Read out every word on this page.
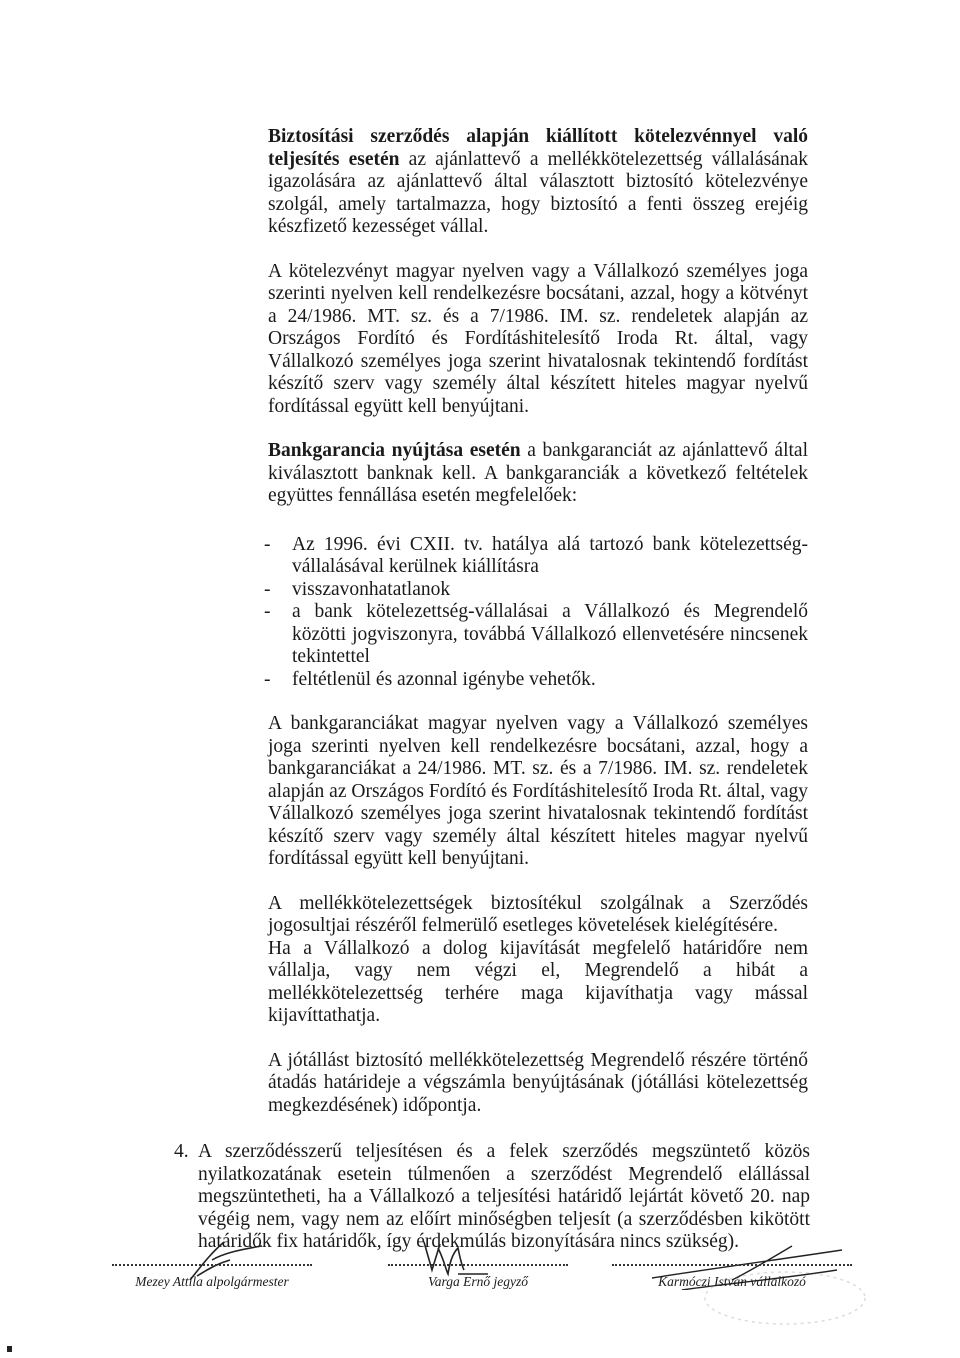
Biztosítási szerződés alapján kiállított kötelezvénnyel való teljesítés esetén az ajánlattevő a mellékkötelezettség vállalásának igazolására az ajánlattevő által választott biztosító kötelezvénye szolgál, amely tartalmazza, hogy biztosító a fenti összeg erejéig készfizető kezességet vállal.

A kötelezvényt magyar nyelven vagy a Vállalkozó személyes joga szerinti nyelven kell rendelkezésre bocsátani, azzal, hogy a kötvényt a 24/1986. MT. sz. és a 7/1986. IM. sz. rendeletek alapján az Országos Fordító és Fordításhitelesítő Iroda Rt. által, vagy Vállalkozó személyes joga szerint hivatalosnak tekintendő fordítást készítő szerv vagy személy által készített hiteles magyar nyelvű fordítással együtt kell benyújtani.

Bankgarancia nyújtása esetén a bankgaranciát az ajánlattevő által kiválasztott banknak kell. A bankgaranciák a következő feltételek együttes fennállása esetén megfelelőek:

- Az 1996. évi CXII. tv. hatálya alá tartozó bank kötelezettség-vállalásával kerülnek kiállításra
- visszavonhatatlanok
- a bank kötelezettség-vállalásai a Vállalkozó és Megrendelő közötti jogviszonyra, továbbá Vállalkozó ellenvetésére nincsenek tekintettel
- feltétlenül és azonnal igénybe vehetők.

A bankgaranciákat magyar nyelven vagy a Vállalkozó személyes joga szerinti nyelven kell rendelkezésre bocsátani, azzal, hogy a bankgaranciákat a 24/1986. MT. sz. és a 7/1986. IM. sz. rendeletek alapján az Országos Fordító és Fordításhitelesítő Iroda Rt. által, vagy Vállalkozó személyes joga szerint hivatalosnak tekintendő fordítást készítő szerv vagy személy által készített hiteles magyar nyelvű fordítással együtt kell benyújtani.

A mellékkötelezettségek biztosítékul szolgálnak a Szerződés jogosultjai részéről felmerülő esetleges követelések kielégítésére.

Ha a Vállalkozó a dolog kijavítását megfelelő határidőre nem vállalja, vagy nem végzi el, Megrendelő a hibát a mellékkötelezettség terhére maga kijavíthatja vagy mással kijavíttathatja.

A jótállást biztosító mellékkötelezettség Megrendelő részére történő átadás határideje a végszámla benyújtásának (jótállási kötelezettség megkezdésének) időpontja.

4. A szerződésszerű teljesítésen és a felek szerződés megszüntető közös nyilatkozatának esetein túlmenően a szerződést Megrendelő elállással megszüntetheti, ha a Vállalkozó a teljesítési határidő lejártát követő 20. nap végéig nem, vagy nem az előírt minőségben teljesít (a szerződésben kikötött határidők fix határidők, így érdekmúlás bizonyítására nincs szükség).

Mezey Attila alpolgármester	Varga Ernő jegyző	Karmóczi István vállalkozó
